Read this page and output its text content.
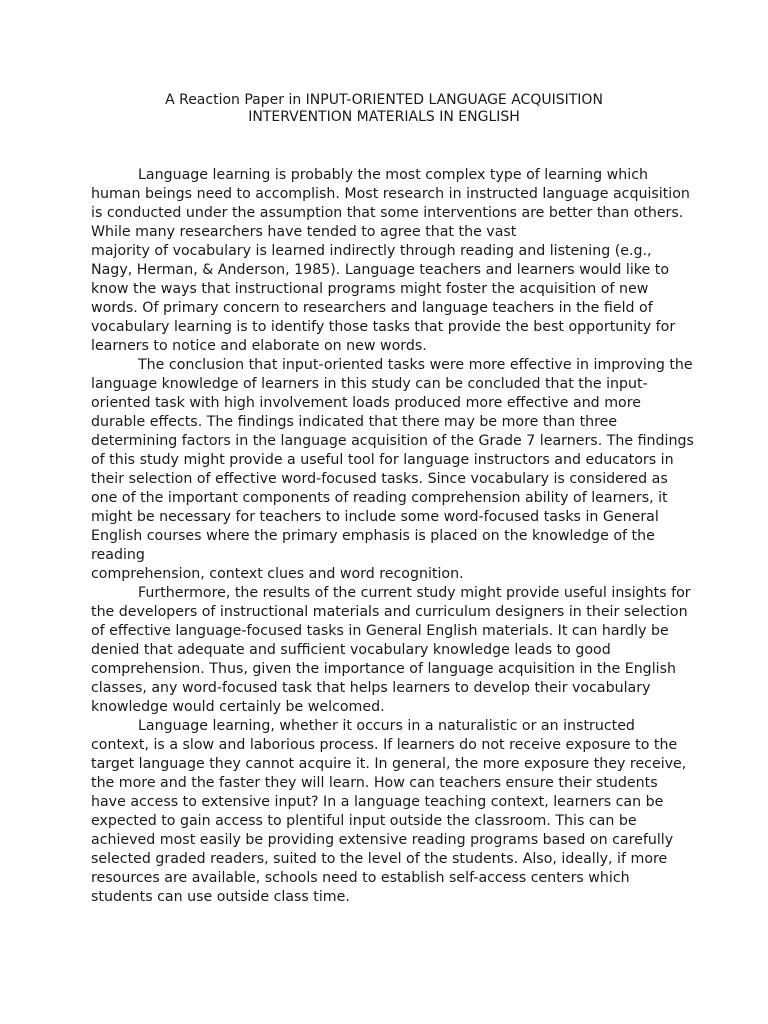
A Reaction Paper in INPUT-ORIENTED LANGUAGE ACQUISITION
INTERVENTION MATERIALS IN ENGLISH
Language learning is probably the most complex type of learning which
human beings need to accomplish. Most research in instructed language acquisition
is conducted under the assumption that some interventions are better than others.
While many researchers have tended to agree that the vast
majority of vocabulary is learned indirectly through reading and listening (e.g.,
Nagy, Herman, & Anderson, 1985). Language teachers and learners would like to
know the ways that instructional programs might foster the acquisition of new
words. Of primary concern to researchers and language teachers in the field of
vocabulary learning is to identify those tasks that provide the best opportunity for
learners to notice and elaborate on new words.
The conclusion that input-oriented tasks were more effective in improving the
language knowledge of learners in this study can be concluded that the input-
oriented task with high involvement loads produced more effective and more
durable effects. The findings indicated that there may be more than three
determining factors in the language acquisition of the Grade 7 learners. The findings
of this study might provide a useful tool for language instructors and educators in
their selection of effective word-focused tasks. Since vocabulary is considered as
one of the important components of reading comprehension ability of learners, it
might be necessary for teachers to include some word-focused tasks in General
English courses where the primary emphasis is placed on the knowledge of the
reading
comprehension, context clues and word recognition.
Furthermore, the results of the current study might provide useful insights for
the developers of instructional materials and curriculum designers in their selection
of effective language-focused tasks in General English materials. It can hardly be
denied that adequate and sufficient vocabulary knowledge leads to good
comprehension. Thus, given the importance of language acquisition in the English
classes, any word-focused task that helps learners to develop their vocabulary
knowledge would certainly be welcomed.
Language learning, whether it occurs in a naturalistic or an instructed
context, is a slow and laborious process. If learners do not receive exposure to the
target language they cannot acquire it. In general, the more exposure they receive,
the more and the faster they will learn. How can teachers ensure their students
have access to extensive input? In a language teaching context, learners can be
expected to gain access to plentiful input outside the classroom. This can be
achieved most easily be providing extensive reading programs based on carefully
selected graded readers, suited to the level of the students. Also, ideally, if more
resources are available, schools need to establish self-access centers which
students can use outside class time.
